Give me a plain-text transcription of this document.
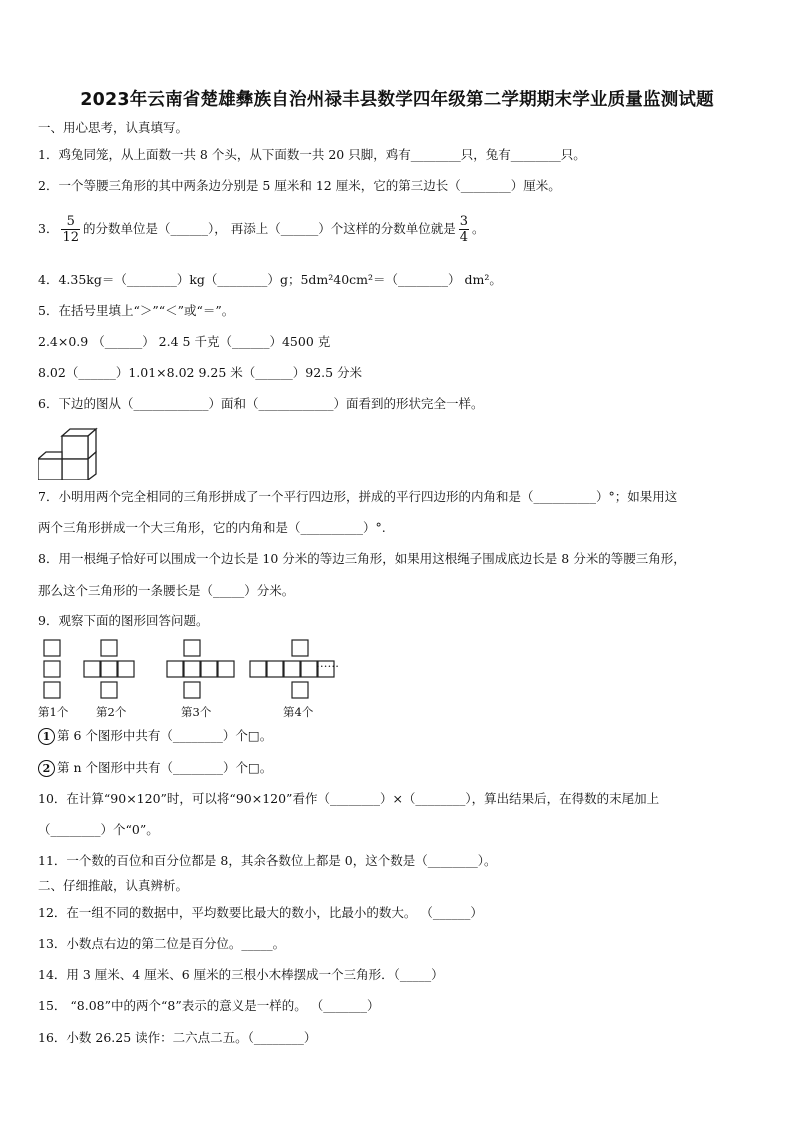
2023年云南省楚雄彝族自治州禄丰县数学四年级第二学期期末学业质量监测试题
一、用心思考，认真填写。
1．鸡兔同笼，从上面数一共 8 个头，从下面数一共 20 只脚，鸡有________只，兔有________只。
2．一个等腰三角形的其中两条边分别是 5 厘米和 12 厘米，它的第三边长（________）厘米。
3． $\frac{5}{12}$ 的分数单位是（______）， 再添上（______）个这样的分数单位就是 $\frac{3}{4}$ 。
4．4.35kg＝（________）kg（________）g；5dm²40cm²＝（________） dm²。
5．在括号里填上“＞”“＜”或“＝”。
2.4×0.9 （______） 2.4 5 千克（______）4500 克
8.02（______）1.01×8.02 9.25 米（______）92.5 分米
6．下边的图从（____________）面和（____________）面看到的形状完全一样。
7．小明用两个完全相同的三角形拼成了一个平行四边形，拼成的平行四边形的内角和是（__________）°；如果用这
两个三角形拼成一个大三角形，它的内角和是（__________）°.
8．用一根绳子恰好可以围成一个边长是 10 分米的等边三角形，如果用这根绳子围成底边长是 8 分米的等腰三角形，
那么这个三角形的一条腰长是（_____）分米。
9．观察下面的图形回答问题。
……
第1个 第2个	第3个	第4个
1 第 6 个图形中共有（________）个□。
2 第 n 个图形中共有（________）个□。
10．在计算“90×120”时，可以将“90×120”看作（________）×（________），算出结果后，在得数的末尾加上
（________）个“0”。
11．一个数的百位和百分位都是 8，其余各数位上都是 0，这个数是（________）。
二、仔细推敲，认真辨析。
12．在一组不同的数据中，平均数要比最大的数小，比最小的数大。 （______）
13．小数点右边的第二位是百分位。_____。
14．用 3 厘米、4 厘米、6 厘米的三根小木棒摆成一个三角形．（_____）
15． “8.08”中的两个“8”表示的意义是一样的。 （_______）
16．小数 26.25 读作：二六点二五。（________）
